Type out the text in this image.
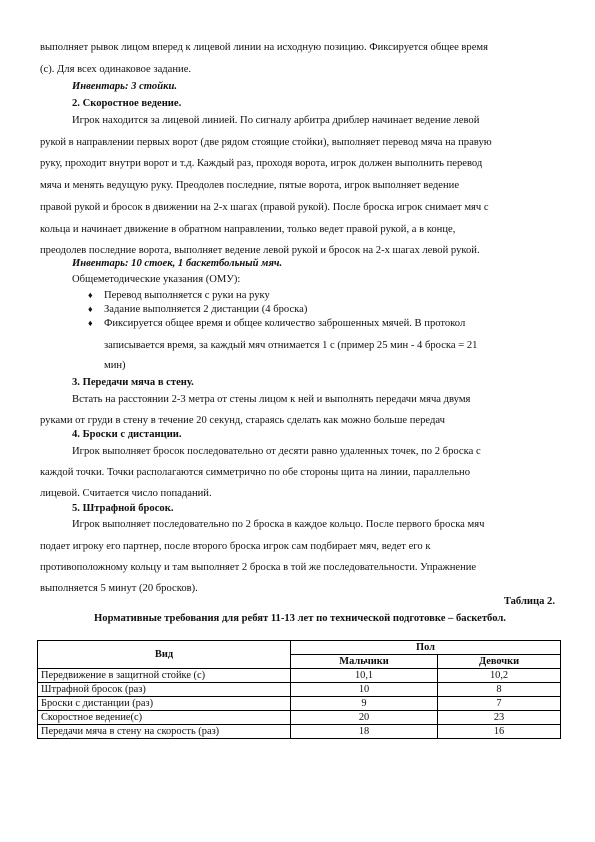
выполняет рывок лицом вперед к лицевой линии на исходную позицию. Фиксируется общее время
(с). Для всех одинаковое задание.
Инвентарь: 3 стойки.
2. Скоростное ведение.
Игрок находится за лицевой линией. По сигналу арбитра дриблер начинает ведение левой
рукой в направлении первых ворот (две рядом стоящие стойки), выполняет перевод мяча на правую
руку, проходит внутри ворот и т.д. Каждый раз, проходя ворота, игрок должен выполнить перевод
мяча и менять ведущую руку. Преодолев последние, пятые ворота, игрок выполняет ведение
правой рукой и бросок в движении на 2-х шагах (правой рукой). После броска игрок снимает мяч с
кольца и начинает движение в обратном направлении, только ведет правой рукой, а в конце,
преодолев последние ворота, выполняет ведение левой рукой и бросок на 2-х шагах левой рукой.
Инвентарь: 10 стоек, 1 баскетбольный мяч.
Общеметодические указания (ОМУ):
♦ Перевод выполняется с руки на руку
♦ Задание выполняется 2 дистанции (4 броска)
♦ Фиксируется общее время и общее количество заброшенных мячей. В протокол
записывается время, за каждый мяч отнимается 1 с (пример 25 мин - 4 броска = 21
мин)
3. Передачи мяча в стену.
Встать на расстоянии 2-3 метра от стены лицом к ней и выполнять передачи мяча двумя
руками от груди в стену в течение 20 секунд, стараясь сделать как можно больше передач
4. Броски с дистанции.
Игрок выполняет бросок последовательно от десяти равно удаленных точек, по 2 броска с
каждой точки. Точки располагаются симметрично по обе стороны щита на линии, параллельно
лицевой. Считается число попаданий.
5. Штрафной бросок.
Игрок выполняет последовательно по 2 броска в каждое кольцо. После первого броска мяч
подает игроку его партнер, после второго броска игрок сам подбирает мяч, ведет его к
противоположному кольцу и там выполняет 2 броска в той же последовательности. Упражнение
выполняется 5 минут (20 бросков).
Таблица 2.
Нормативные требования для ребят 11-13 лет по технической подготовке – баскетбол.
Вид	Пол	
	Мальчики	Девочки
Передвижение в защитной стойке (с)	10,1	10,2
Штрафной бросок (раз)	10	8
Броски с дистанции (раз)	9	7
Скоростное ведение(с)	20	23
Передачи мяча в стену на скорость (раз)	18	16
